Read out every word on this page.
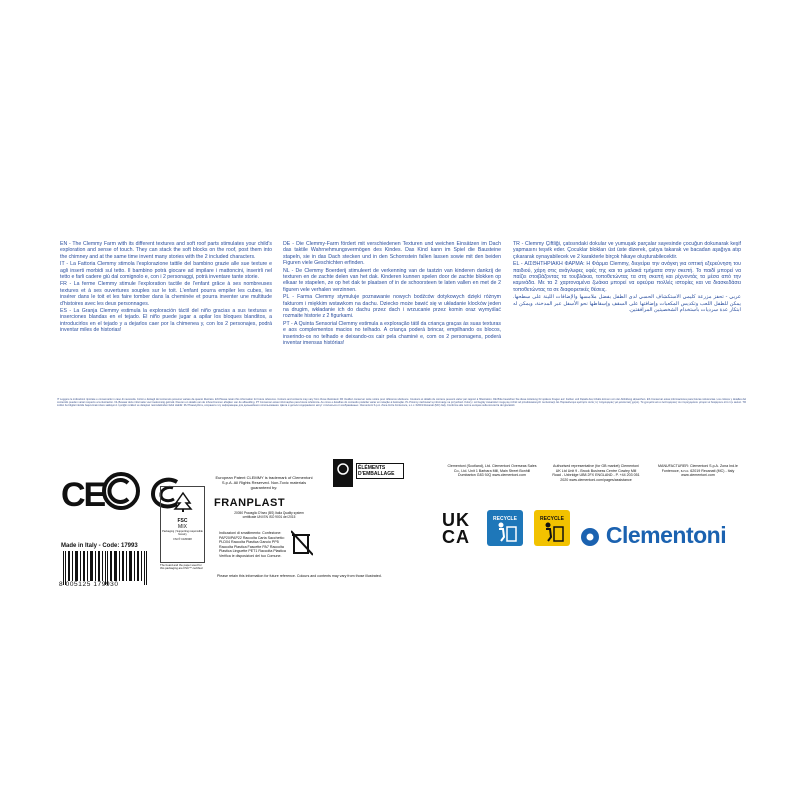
EN - The Clemmy Farm with its different textures and soft roof parts stimulates your child's exploration and sense of touch. They can stack the soft blocks on the roof, post them into the chimney and at the same time invent many stories with the 2 included characters.

IT - La Fattoria Clemmy stimola l'esplorazione tattile del bambino grazie alle sue texture e agli inserti morbidi sul tetto. Il bambino potrà giocare ad impilare i mattoncini, inserirli nel tetto e farli cadere giù dal comignolo e, con i 2 personaggi, potrà inventare tante storie.

FR - La ferme Clemmy stimule l'exploration tactile de l'enfant grâce à ses nombreuses textures et à ses ouvertures souples sur le toit. L'enfant pourra empiler les cubes, les insérer dans le toit et les faire tomber dans la cheminée et pourra inventer une multitude d'histoires avec les deux personnages.

ES - La Granja Clemmy estimula la exploración táctil del niño gracias a sus texturas e inserciones blandas en el tejado. El niño puede jugar a apilar los bloques blanditos, a introducirlos en el tejado y a dejarlos caer por la chimenea y, con los 2 personajes, podrá inventar miles de historias!

DE - Die Clemmy-Farm fördert mit verschiedenen Texturen und weichen Einsätzen im Dach das taktile Wahrnehmungsvermögen des Kindes. Das Kind kann im Spiel die Bausteine stapeln, sie in das Dach stecken und in den Schornstein fallen lassen sowie mit den beiden Figuren viele Geschichten erfinden.

NL - De Clemmy Boerderij stimuleert de verkenning van de tastzin van kinderen dankzij de texturen en de zachte delen van het dak. Kinderen kunnen spelen door de zachte blokken op elkaar te stapelen, ze op het dak te plaatsen of in de schoorsteen te laten vallen en met de 2 figuren vele verhalen verzinnen.

PL - Farma Clemmy stymuluje poznawanie nowych bodźców dotykowych dzięki różnym fakturom i miękkim wstawkom na dachu. Dziecko może bawić się w układanie klocków jeden na drugim, wkładanie ich do dachu przez dach i wrzucanie przez komin oraz wymyślać rozmaite historie z 2 figurkami.

PT - A Quinta Sensorial Clemmy estimula a exploração tátil da criança graças às suas texturas e aos complementos macios no telhado. A criança poderá brincar, empilhando os blocos, inserindo-os no telhado e deixando-os cair pela chaminé e, com os 2 personagens, poderá inventar imensas histórias!

TR - Clemmy Çiftliği, çatısındaki dokular ve yumuşak parçalar sayesinde çocuğun dokunarak keşif yapmasını teşvik eder. Çocuklar blokları üst üste dizerek, çatıya takarak ve bacadan aşağıya atıp çıkararak oynayabilecek ve 2 karakterle birçok hikaye oluşturabilecektir.

EL - ΑΙΣΘΗΤΗΡΙΑΚΗ ΦΑΡΜΑ: Η Φάρμα Clemmy, διεγείρει την ανάγκη για οπτική εξερεύνηση του παιδιού, χάρη στις ανάγλυφες υφές της και τα μαλακά τμήματα στην σκεπή. Το παιδί μπορεί να παίζει στοιβάζοντας τα τουβλάκια, τοποθετώντας τα στη σκεπή και ρίχνοντάς τα μέσα από την καμινάδα. Με τα 2 χαρτοναμένα ζωάκια μπορεί να εφεύρει πολλές ιστορίες και να διασκεδάσει τοποθετώντας τα σε διαφορετικές θέσεις.

عربي - تحفز مزرعة كليمي الاستكشاف الحسي لدى الطفل بفضل ملامسها والإضافات اللينة على سطحها. يمكن للطفل اللعب وتكديس المكعبات وإضافتها على السقف وإسقاطها نحو الأسفل عبر المدخنة، ويمكن له ابتكار عدة سرديات باستخدام الشخصيتين المرافقتين.

IT Leggere le indicazioni riportate e conservarle in caso di necessità. Colori e dettagli del contenuto possono variare da quanto illustrato. EN Please retain this information for future reference. Colours and contents may vary from those illustrated. FR Veuillez conserver cette notice pour référence ultérieure. Couleurs et détails du contenu peuvent varier par rapport à l'illustration. DE Bitte bewahren Sie diese Anleitung für spätere Fragen auf. Farben und Details des Inhalts können von der Abbildung abweichen. ES Conservar estas informaciones para futuras referencias. Los colores y detalles del contenido pueden variar respecto a la ilustración. NL Bewaar deze informatie voor toekomstig gebruik. Kleuren en details van de inhoud kunnen afwijken van de afbeelding. PT Conservar estas informações para futura referência. As cores e detalhes do conteúdo poderão variar em relação à ilustração. PL Prosimy zachować tę informację na przyszłość. Kolory i szczegóły zawartości mogą się różnić od przedstawionych na ilustracji. EL Παρακαλούμε κρατήστε αυτές τις πληροφορίες για μελλοντική χρήση. Τα χρώματα και οι λεπτομέρειες του περιεχομένου μπορεί να διαφέρουν από την εικόνα. TR Lütfen bu bilgileri ileride başvurmak üzere saklayınız. İçeriğin renkleri ve detayları resimdekinden farklı olabilir. RU Пожалуйста, сохраните эту информацию для дальнейшего использования. Цвета и детали содержимого могут отличаться от изображённых. Clementoni S.p.A. Zona Ind.le Fontenoce, s.n.c. 62019 Recanati (MC) Italy. Conforme alle norme europee sulla sicurezza dei giocattoli.
CE
Made in Italy - Code: 17993
8 005125 179930
FSC
MIX
Packaging | Supporting responsible forestry
FSC® C180338
The board and the paper used for this packaging are FSC™ certified
European Patent CLEMMY is trademark of Clementoni S.p.A. All Rights Reserved. Non-Toxic materials guaranteed by:
FRANPLAST
20050 Pravaglio D'Iseo (BS) Italia Quality system certificate UNI EN ISO 9001 del 2015
Indicazioni di smaltimento: Confezione: PAP20/PAP22 Raccolta Carta Sacchetto: PLD04 Raccolta Plastica Gancio PP5 Raccolta Plastica Fascette PA7 Raccolta Plastica Linguette PET1 Raccolta Plastica Verifica le disposizioni del tuo Comune.
Please retain this information for future reference. Colours and contents may vary from those illustrated.
ÉLÉMENTS D'EMBALLAGE
Clementoni (Scotland), Ltd. Clementoni Overseas Sales Co., Ltd. Unit 1 Barbara Mill, Main Street Bonhill Dumbarton G83 9JQ www.clementoni.com
Authorised representative (for GB market) Clementoni UK Ltd Unit 9 - Brook Business Centre Cowley Mill Road - Uxbridge UB8 2FX ENGLAND - P. +44 203 051 2020 www.clementoni.com/pages/assistance
MANUFACTURER: Clementoni S.p.A. Zona Ind.le Fontenoce, s.n.c. 62019 Recanati (MC) - Italy www.clementoni.com
UK CA
RECYCLE	RECYCLE
Clementoni
